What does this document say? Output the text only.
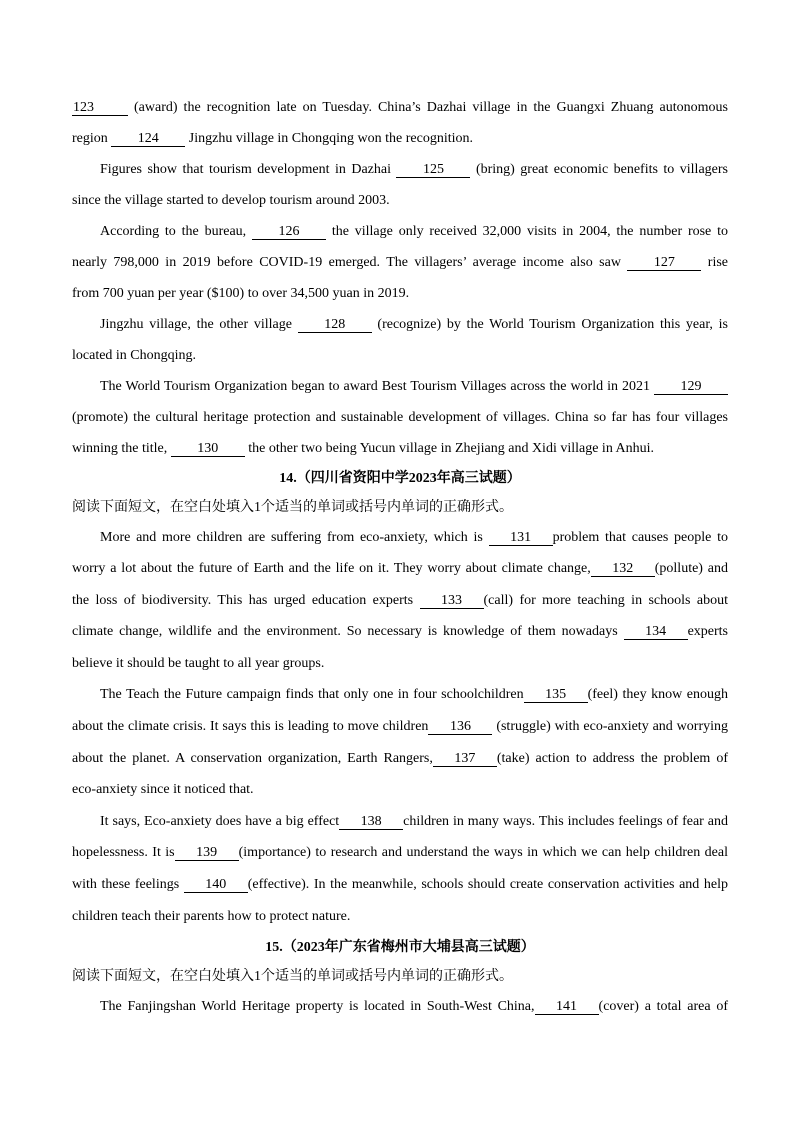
123 (award) the recognition late on Tuesday. China’s Dazhai village in the Guangxi Zhuang autonomous
region 124 Jingzhu village in Chongqing won the recognition.
Figures show that tourism development in Dazhai 125 (bring) great economic benefits to villagers
since the village started to develop tourism around 2003.
According to the bureau, 126 the village only received 32,000 visits in 2004, the number rose to
nearly 798,000 in 2019 before COVID-19 emerged. The villagers’ average income also saw 127 rise
from 700 yuan per year ($100) to over 34,500 yuan in 2019.
Jingzhu village, the other village 128 (recognize) by the World Tourism Organization this year, is
located in Chongqing.
The World Tourism Organization began to award Best Tourism Villages across the world in 2021 129
(promote) the cultural heritage protection and sustainable development of villages. China so far has four villages
winning the title, 130 the other two being Yucun village in Zhejiang and Xidi village in Anhui.
14.（四川省资阳中学2023年高三试题）

阅读下面短文，在空白处填入1个适当的单词或括号内单词的正确形式。

More and more children are suffering from eco-anxiety, which is 131 problem that causes people to
worry a lot about the future of Earth and the life on it. They worry about climate change, 132 (pollute) and
the loss of biodiversity. This has urged education experts 133 (call) for more teaching in schools about
climate change, wildlife and the environment. So necessary is knowledge of them nowadays 134 experts
believe it should be taught to all year groups.
The Teach the Future campaign finds that only one in four schoolchildren 135 (feel) they know enough
about the climate crisis. It says this is leading to move children 136 (struggle) with eco-anxiety and worrying
about the planet. A conservation organization, Earth Rangers, 137 (take) action to address the problem of
eco-anxiety since it noticed that.
It says, Eco-anxiety does have a big effect 138 children in many ways. This includes feelings of fear and
hopelessness. It is 139 (importance) to research and understand the ways in which we can help children deal
with these feelings 140 (effective). In the meanwhile, schools should create conservation activities and help
children teach their parents how to protect nature.
15.（2023年广东省梅州市大埔县高三试题）

阅读下面短文，在空白处填入1个适当的单词或括号内单词的正确形式。

The Fanjingshan World Heritage property is located in South-West China, 141 (cover) a total area of
